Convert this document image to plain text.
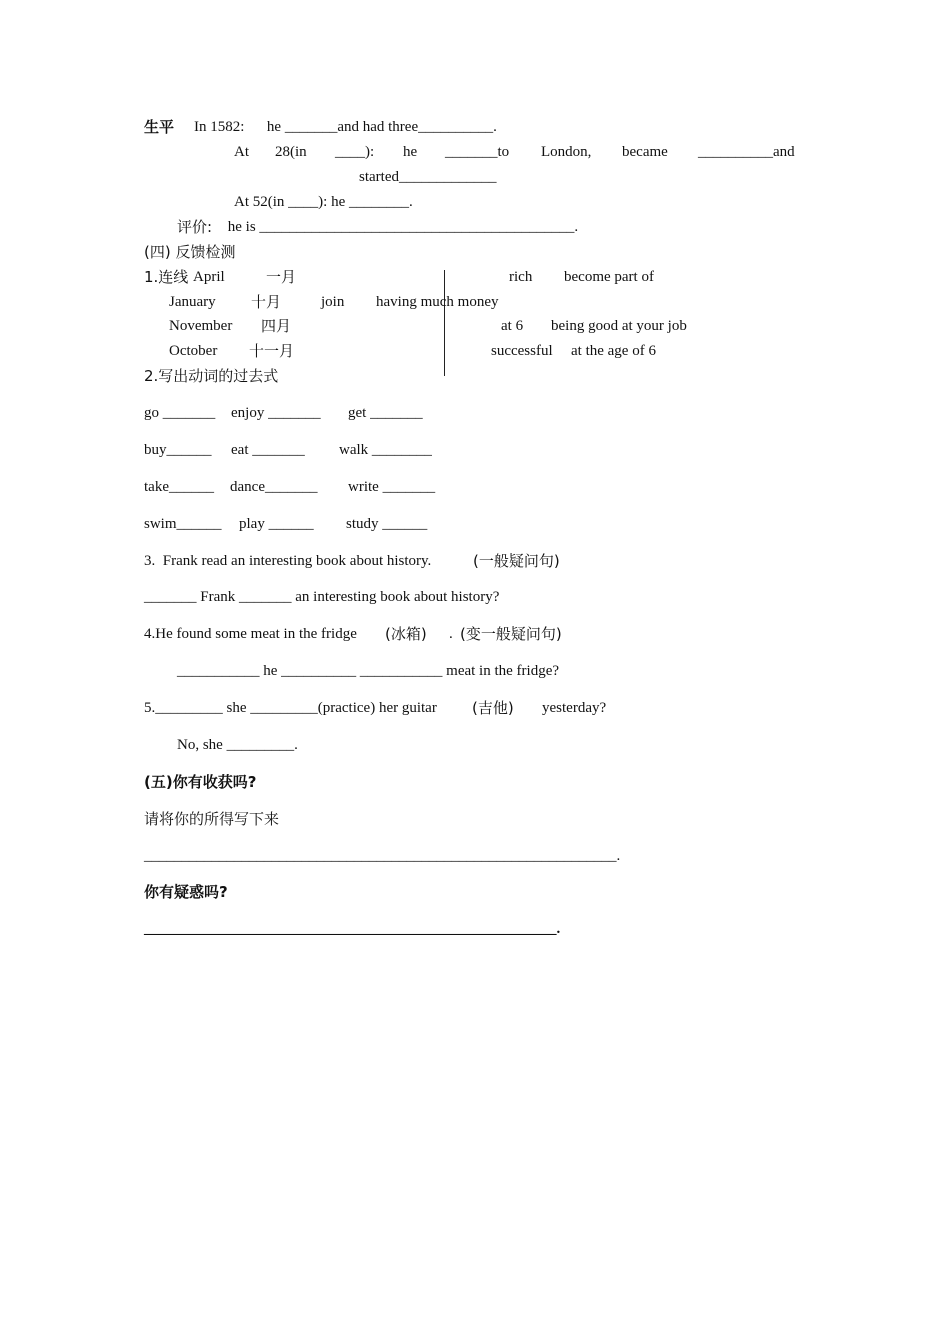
生平 In 1582:      he _______and had three__________.
At 28(in ____): he _______to London, became __________and
started_____________
At 52(in ____): he ________.
评价: he is __________________________________________.
(四) 反馈检测
1.连线 April	一月
January 十月
November 四月
October 十一月
rich become part of
join having much money
at 6 being good at your job
successful at the age of 6
2.写出动词的过去式
go _______ enjoy _______ get _______
buy______ eat _______ walk ________
take______ dance_______ write _______
swim______ play ______ study ______
3.  Frank read an interesting book about history.	(一般疑问句)
_______ Frank _______ an interesting book about history?
4.He found some meat in the fridge (冰箱) . (变一般疑问句)
___________ he __________ ___________ meat in the fridge?
5._________ she _________(practice) her guitar (吉他) yesterday?
No, she _________.
(五)你有收获吗?
请将你的所得写下来
_______________________________________________________________.
你有疑惑吗?
_______________________________________________________.
